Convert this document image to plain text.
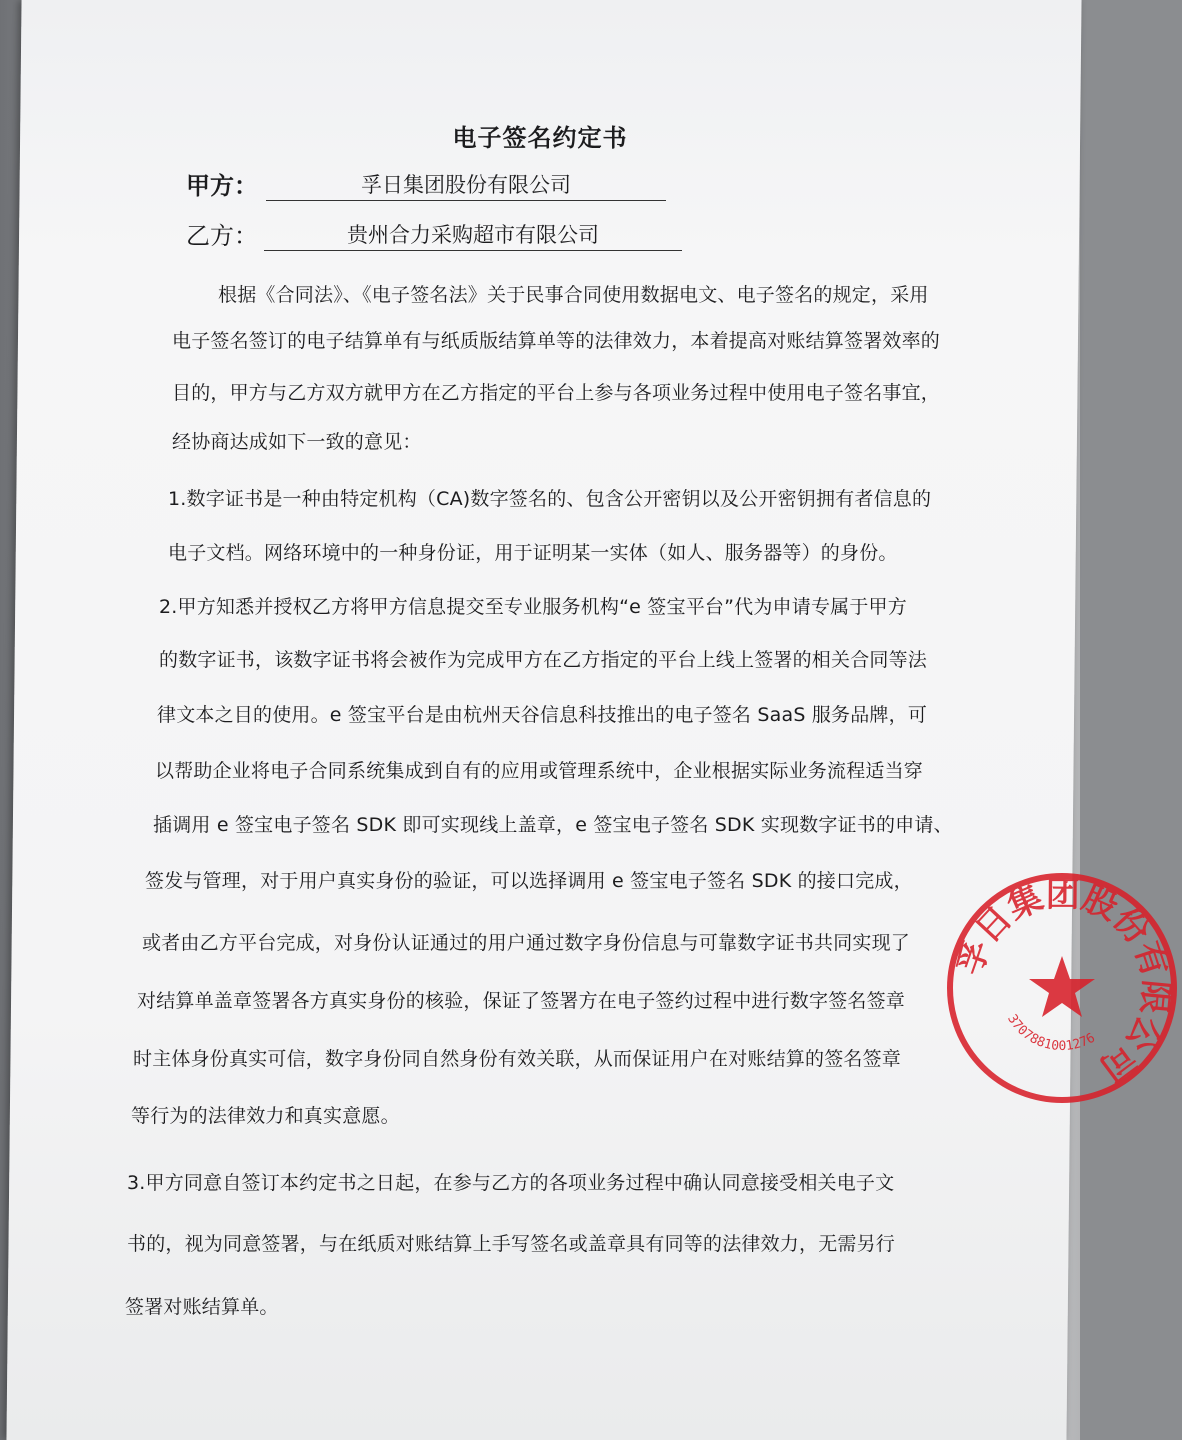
电子签名约定书
甲方：	孚日集团股份有限公司
乙方：	贵州合力采购超市有限公司
根据《合同法》、《电子签名法》关于民事合同使用数据电文、电子签名的规定，采用
电子签名签订的电子结算单有与纸质版结算单等的法律效力，本着提高对账结算签署效率的
目的，甲方与乙方双方就甲方在乙方指定的平台上参与各项业务过程中使用电子签名事宜，
经协商达成如下一致的意见：
1.数字证书是一种由特定机构（CA)数字签名的、包含公开密钥以及公开密钥拥有者信息的
电子文档。网络环境中的一种身份证，用于证明某一实体（如人、服务器等）的身份。
2.甲方知悉并授权乙方将甲方信息提交至专业服务机构“e 签宝平台”代为申请专属于甲方
的数字证书，该数字证书将会被作为完成甲方在乙方指定的平台上线上签署的相关合同等法
律文本之目的使用。e 签宝平台是由杭州天谷信息科技推出的电子签名 SaaS 服务品牌，可
以帮助企业将电子合同系统集成到自有的应用或管理系统中，企业根据实际业务流程适当穿
插调用 e 签宝电子签名 SDK 即可实现线上盖章，e 签宝电子签名 SDK 实现数字证书的申请、
签发与管理，对于用户真实身份的验证，可以选择调用 e 签宝电子签名 SDK 的接口完成，
或者由乙方平台完成，对身份认证通过的用户通过数字身份信息与可靠数字证书共同实现了
对结算单盖章签署各方真实身份的核验，保证了签署方在电子签约过程中进行数字签名签章
时主体身份真实可信，数字身份同自然身份有效关联，从而保证用户在对账结算的签名签章
等行为的法律效力和真实意愿。
3.甲方同意自签订本约定书之日起，在参与乙方的各项业务过程中确认同意接受相关电子文
书的，视为同意签署，与在纸质对账结算上手写签名或盖章具有同等的法律效力，无需另行
签署对账结算单。
孚日集团股份有限公司
3707881001276
